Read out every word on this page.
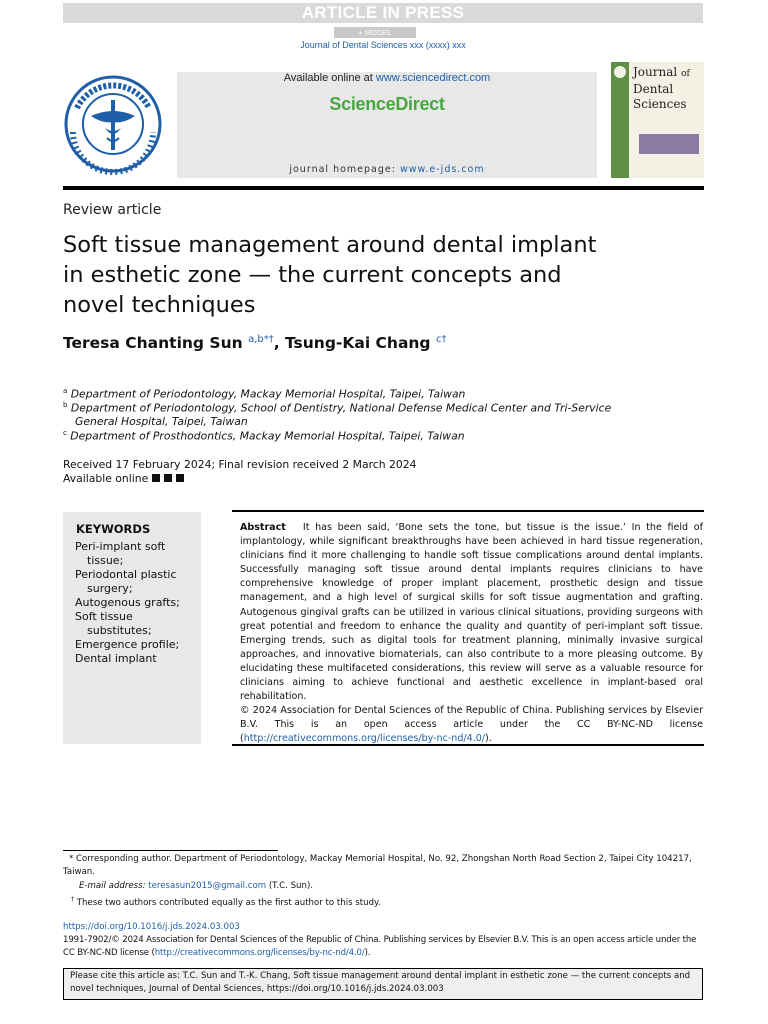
ARTICLE IN PRESS
+ MODEL
Journal of Dental Sciences xxx (xxxx) xxx
Available online at www.sciencedirect.com
ScienceDirect
journal homepage: www.e-jds.com
Journal of
Dental
Sciences
Review article
Soft tissue management around dental implant in esthetic zone — the current concepts and novel techniques
Teresa Chanting Sun $^{a,b*\dagger}$, Tsung-Kai Chang $^{c\dagger}$
$^a$ Department of Periodontology, Mackay Memorial Hospital, Taipei, Taiwan
$^b$ Department of Periodontology, School of Dentistry, National Defense Medical Center and Tri-Service
General Hospital, Taipei, Taiwan
$^c$ Department of Prosthodontics, Mackay Memorial Hospital, Taipei, Taiwan
Received 17 February 2024; Final revision received 2 March 2024
Available online
KEYWORDS
Peri-implant soft
tissue;
Periodontal plastic
surgery;
Autogenous grafts;
Soft tissue
substitutes;
Emergence profile;
Dental implant
Abstract It has been said, ‘Bone sets the tone, but tissue is the issue.’ In the field of implantology, while significant breakthroughs have been achieved in hard tissue regeneration, clinicians find it more challenging to handle soft tissue complications around dental implants. Successfully managing soft tissue around dental implants requires clinicians to have comprehensive knowledge of proper implant placement, prosthetic design and tissue management, and a high level of surgical skills for soft tissue augmentation and grafting. Autogenous gingival grafts can be utilized in various clinical situations, providing surgeons with great potential and freedom to enhance the quality and quantity of peri-implant soft tissue. Emerging trends, such as digital tools for treatment planning, minimally invasive surgical approaches, and innovative biomaterials, can also contribute to a more pleasing outcome. By elucidating these multifaceted considerations, this review will serve as a valuable resource for clinicians aiming to achieve functional and aesthetic excellence in implant-based oral rehabilitation.
© 2024 Association for Dental Sciences of the Republic of China. Publishing services by Elsevier B.V. This is an open access article under the CC BY-NC-ND license (http://creativecommons.org/licenses/by-nc-nd/4.0/).
* Corresponding author. Department of Periodontology, Mackay Memorial Hospital, No. 92, Zhongshan North Road Section 2, Taipei City 104217, Taiwan.
E-mail address: teresasun2015@gmail.com (T.C. Sun).
† These two authors contributed equally as the first author to this study.
https://doi.org/10.1016/j.jds.2024.03.003
1991-7902/© 2024 Association for Dental Sciences of the Republic of China. Publishing services by Elsevier B.V. This is an open access article under the CC BY-NC-ND license (http://creativecommons.org/licenses/by-nc-nd/4.0/).
Please cite this article as: T.C. Sun and T.-K. Chang, Soft tissue management around dental implant in esthetic zone — the current concepts and novel techniques, Journal of Dental Sciences, https://doi.org/10.1016/j.jds.2024.03.003
